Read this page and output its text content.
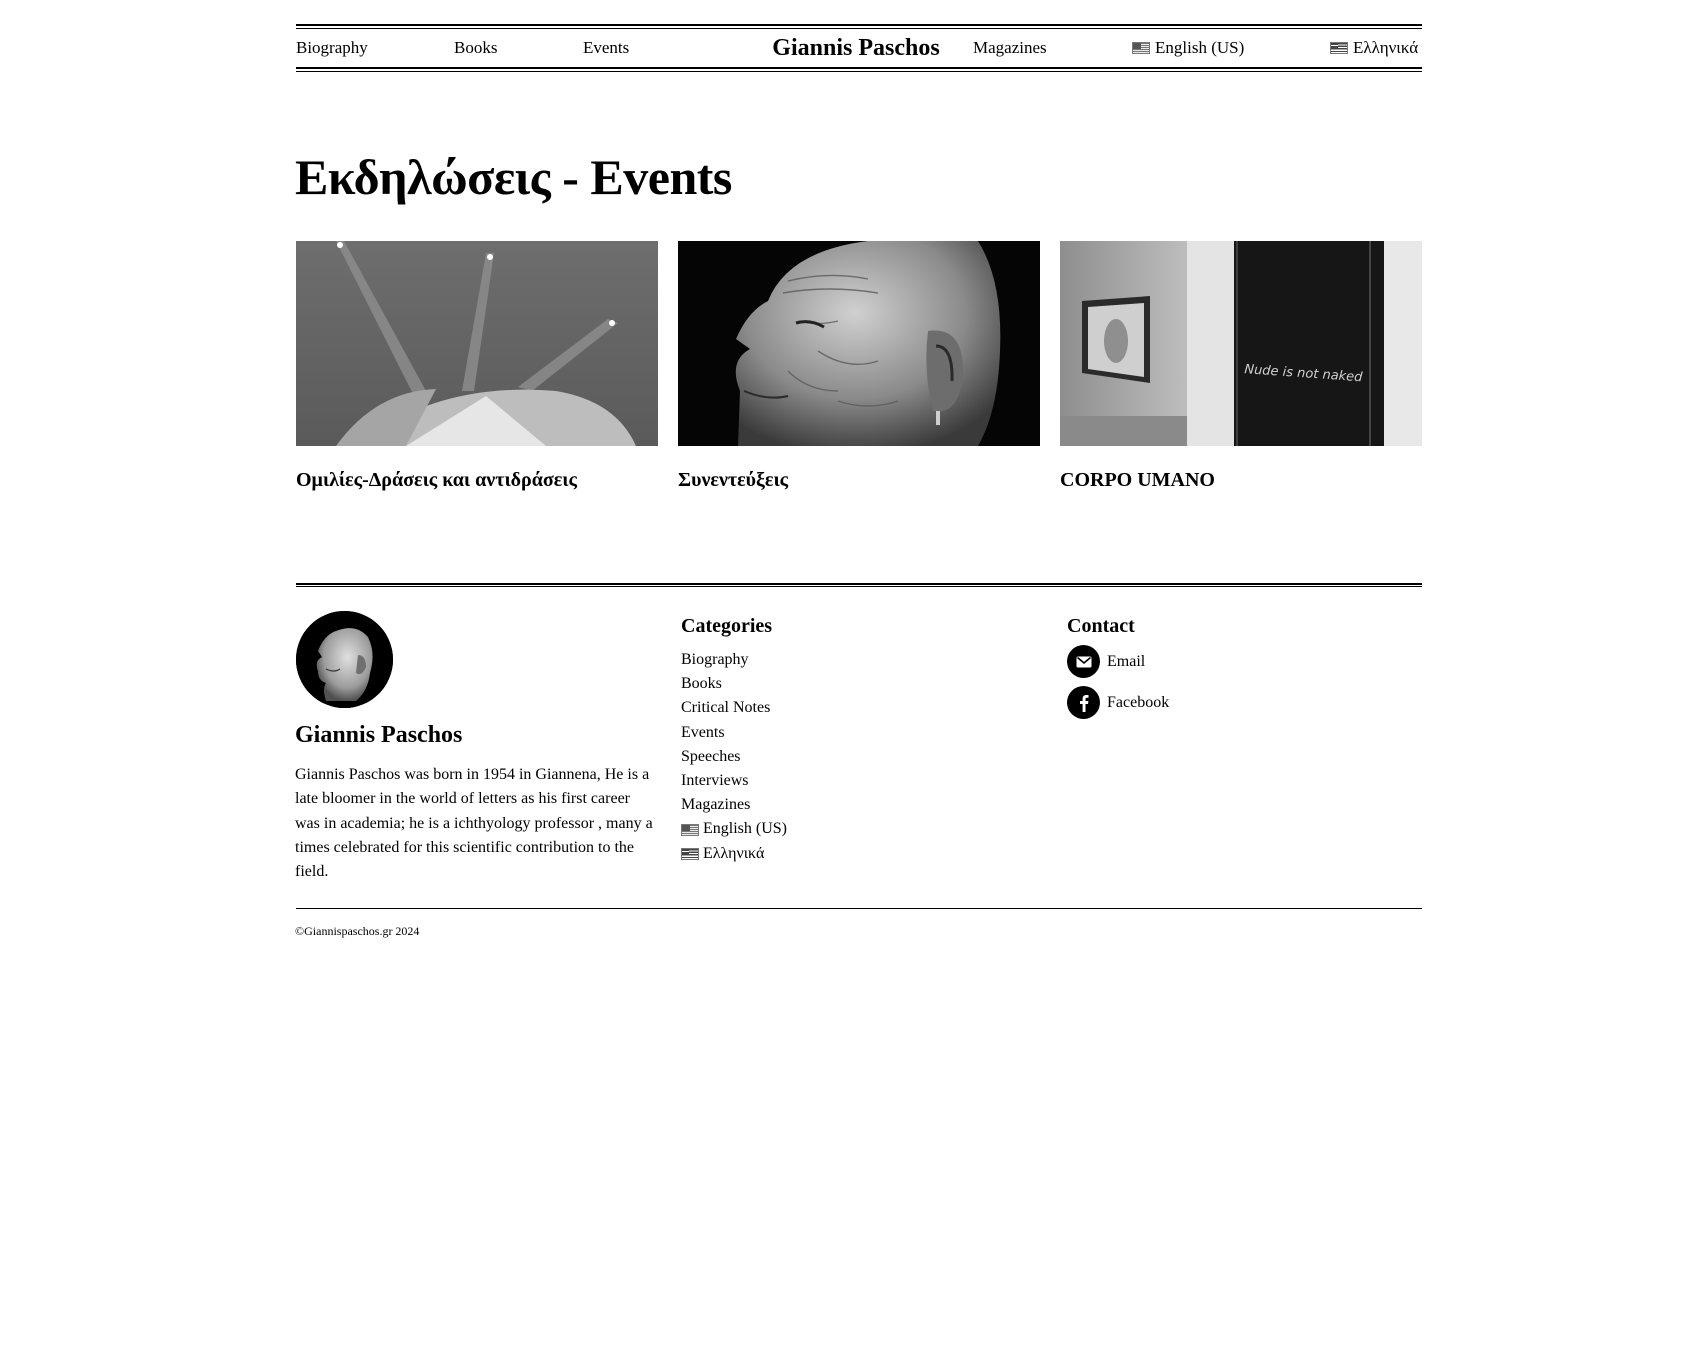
Biography	Books	Events	Giannis Paschos	Magazines	English (US)	Ελληνικά
Εκδηλώσεις - Events
Ομιλίες-Δράσεις και αντιδράσεις	Συνεντεύξεις
Nude is not naked
CORPO UMANO
Giannis Paschos

Giannis Paschos was born in 1954 in Giannena, He is a late bloomer in the world of letters as his first career was in academia; he is a ichthyology professor , many a times celebrated for this scientific contribution to the field.

Categories
Biography
Books
Critical Notes
Events
Speeches
Interviews
Magazines
English (US)
Ελληνικά
Contact
Email
Facebook
©Giannispaschos.gr 2024
